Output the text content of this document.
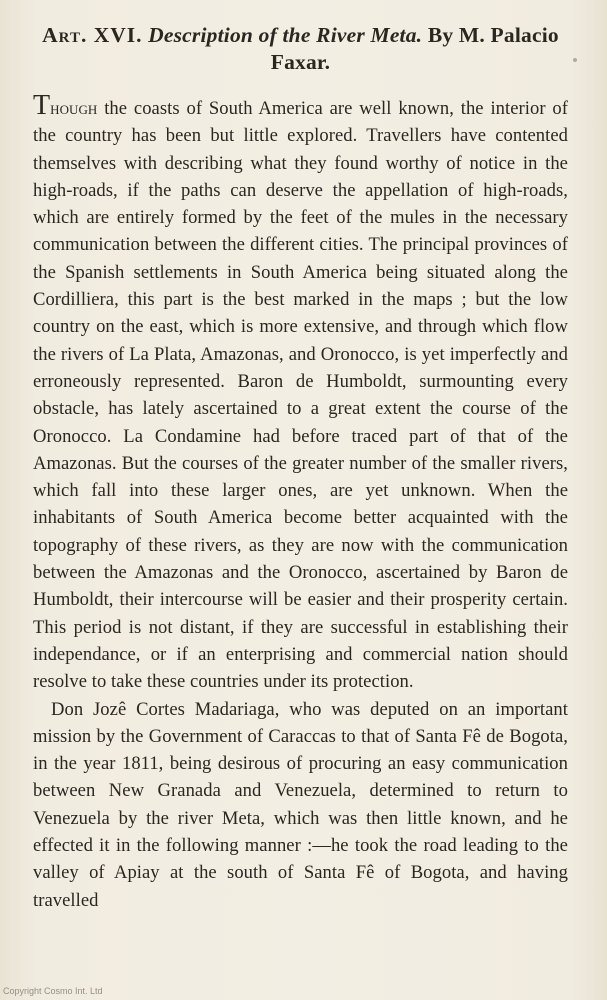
Art. XVI. Description of the River Meta. By M. Palacio Faxar.

Though the coasts of South America are well known, the interior of the country has been but little explored. Travellers have contented themselves with describing what they found worthy of notice in the high-roads, if the paths can deserve the appellation of high-roads, which are entirely formed by the feet of the mules in the necessary communication between the different cities. The principal provinces of the Spanish settlements in South America being situated along the Cordilliera, this part is the best marked in the maps ; but the low country on the east, which is more extensive, and through which flow the rivers of La Plata, Amazonas, and Oronocco, is yet imperfectly and erroneously represented. Baron de Humboldt, surmounting every obstacle, has lately ascertained to a great extent the course of the Oronocco. La Condamine had before traced part of that of the Amazonas. But the courses of the greater number of the smaller rivers, which fall into these larger ones, are yet unknown. When the inhabitants of South America become better acquainted with the topography of these rivers, as they are now with the communication between the Amazonas and the Oronocco, ascertained by Baron de Humboldt, their intercourse will be easier and their prosperity certain. This period is not distant, if they are successful in establishing their independance, or if an enterprising and commercial nation should resolve to take these countries under its protection.

Don Jozê Cortes Madariaga, who was deputed on an important mission by the Government of Caraccas to that of Santa Fê de Bogota, in the year 1811, being desirous of procuring an easy communication between New Granada and Venezuela, determined to return to Venezuela by the river Meta, which was then little known, and he effected it in the following manner :—he took the road leading to the valley of Apiay at the south of Santa Fê of Bogota, and having travelled

Copyright Cosmo Int. Ltd
